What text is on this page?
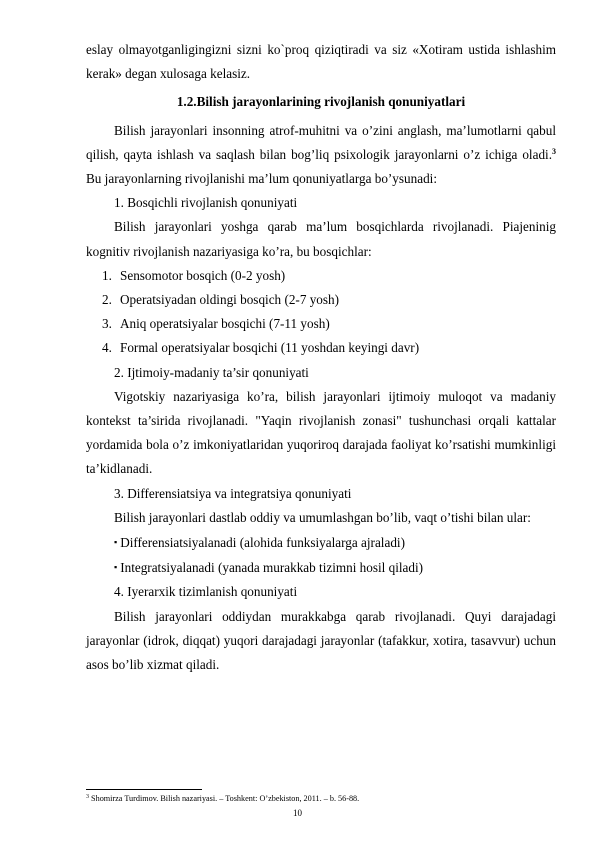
eslay olmayotganligingizni sizni ko`proq qiziqtiradi va siz «Xotiram ustida ishlashim kerak» degan xulosaga kelasiz.

1.2.Bilish jarayonlarining rivojlanish qonuniyatlari

Bilish jarayonlari insonning atrof-muhitni va o’zini anglash, ma’lumotlarni qabul qilish, qayta ishlash va saqlash bilan bog’liq psixologik jarayonlarni o’z ichiga oladi.$^3$ Bu jarayonlarning rivojlanishi ma’lum qonuniyatlarga bo’ysunadi:

1. Bosqichli rivojlanish qonuniyati

Bilish jarayonlari yoshga qarab ma’lum bosqichlarda rivojlanadi. Piajeninig kognitiv rivojlanish nazariyasiga ko’ra, bu bosqichlar:

1. Sensomotor bosqich (0-2 yosh)
2. Operatsiyadan oldingi bosqich (2-7 yosh)
3. Aniq operatsiyalar bosqichi (7-11 yosh)
4. Formal operatsiyalar bosqichi (11 yoshdan keyingi davr)

2. Ijtimoiy-madaniy ta’sir qonuniyati

Vigotskiy nazariyasiga ko’ra, bilish jarayonlari ijtimoiy muloqot va madaniy kontekst ta’sirida rivojlanadi. "Yaqin rivojlanish zonasi" tushunchasi orqali kattalar yordamida bola o’z imkoniyatlaridan yuqoriroq darajada faoliyat ko’rsatishi mumkinligi ta’kidlanadi.

3. Differensiatsiya va integratsiya qonuniyati

Bilish jarayonlari dastlab oddiy va umumlashgan bo’lib, vaqt o’tishi bilan ular:

▪ Differensiatsiyalanadi (alohida funksiyalarga ajraladi)

▪ Integratsiyalanadi (yanada murakkab tizimni hosil qiladi)

4. Iyerarxik tizimlanish qonuniyati

Bilish jarayonlari oddiydan murakkabga qarab rivojlanadi. Quyi darajadagi jarayonlar (idrok, diqqat) yuqori darajadagi jarayonlar (tafakkur, xotira, tasavvur) uchun asos bo’lib xizmat qiladi.

$^3$ Shomirza Turdimov. Bilish nazariyasi. – Toshkent: O’zbekiston, 2011. – b. 56-88.
10
